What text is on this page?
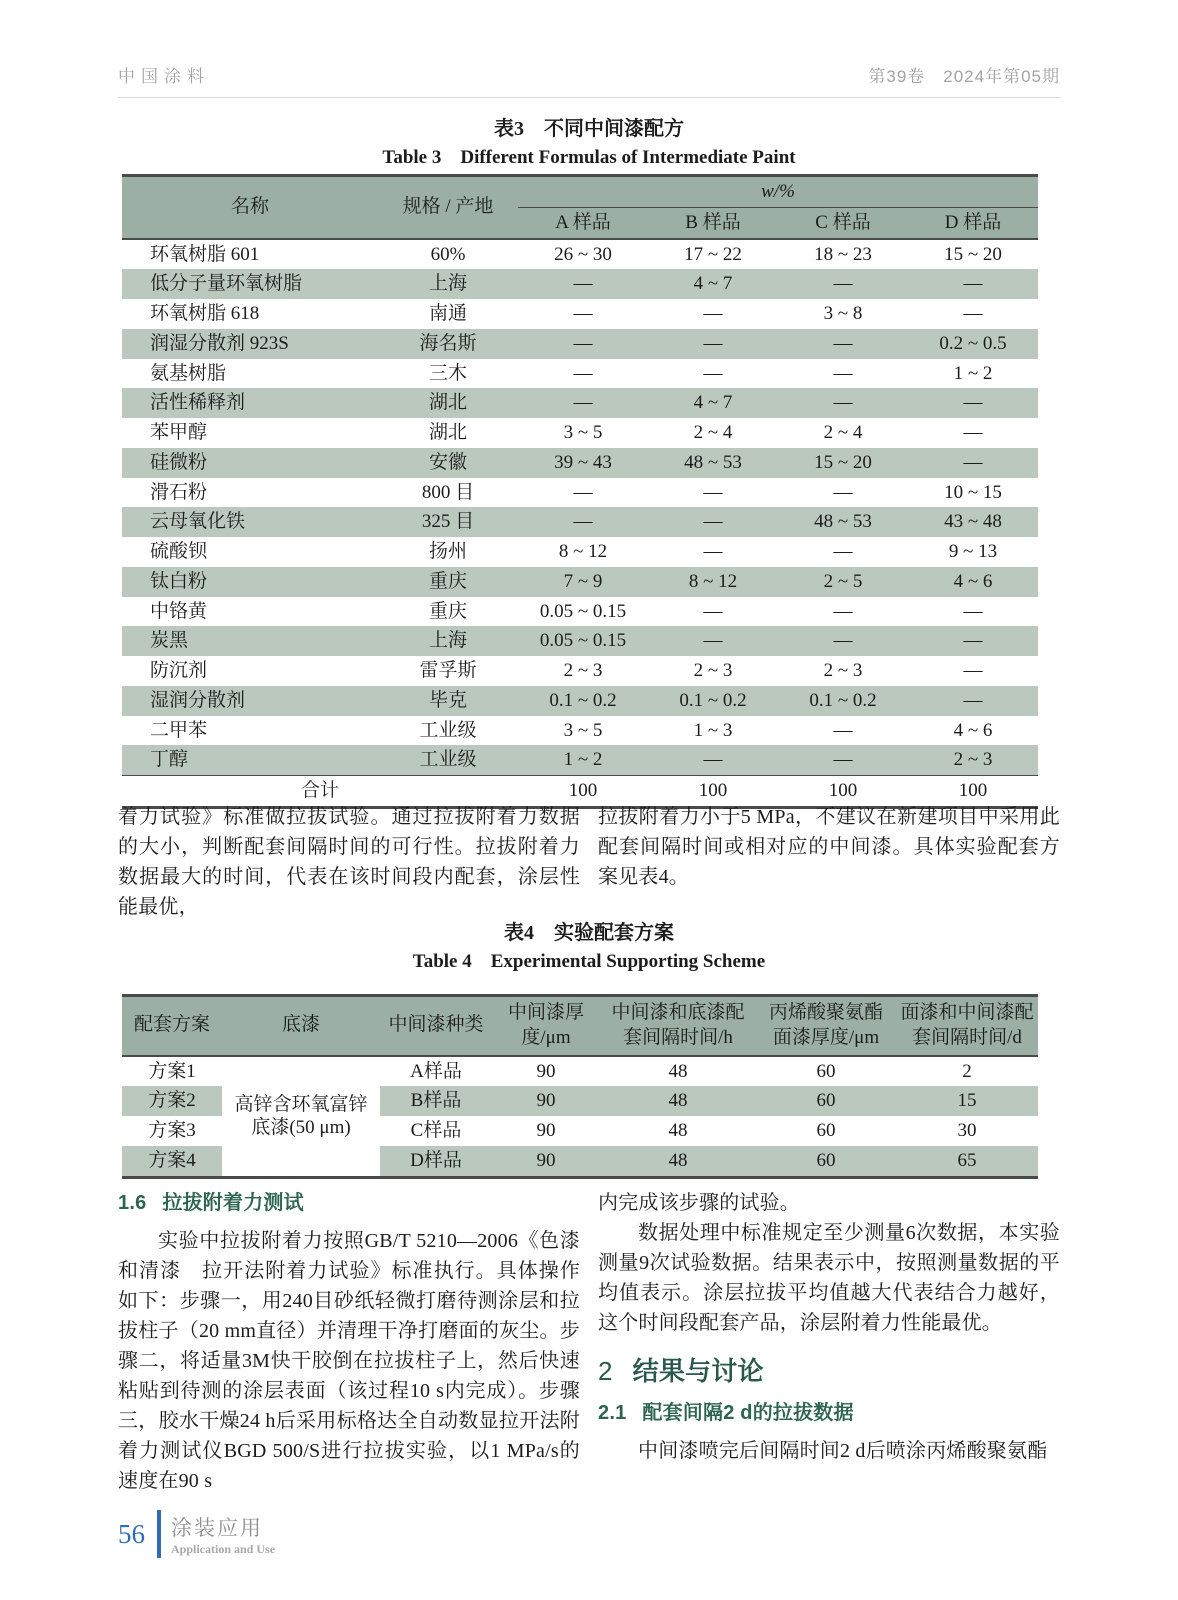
中国涂料	第39卷　2024年第05期
表3　不同中间漆配方
Table 3　Different Formulas of Intermediate Paint
名称	规格 / 产地	w/%			
		A 样品	B 样品	C 样品	D 样品
环氧树脂 601	60%	26 ~ 30	17 ~ 22	18 ~ 23	15 ~ 20
低分子量环氧树脂	上海	—	4 ~ 7	—	—
环氧树脂 618	南通	—	—	3 ~ 8	—
润湿分散剂 923S	海名斯	—	—	—	0.2 ~ 0.5
氨基树脂	三木	—	—	—	1 ~ 2
活性稀释剂	湖北	—	4 ~ 7	—	—
苯甲醇	湖北	3 ~ 5	2 ~ 4	2 ~ 4	—
硅微粉	安徽	39 ~ 43	48 ~ 53	15 ~ 20	—
滑石粉	800 目	—	—	—	10 ~ 15
云母氧化铁	325 目	—	—	48 ~ 53	43 ~ 48
硫酸钡	扬州	8 ~ 12	—	—	9 ~ 13
钛白粉	重庆	7 ~ 9	8 ~ 12	2 ~ 5	4 ~ 6
中铬黄	重庆	0.05 ~ 0.15	—	—	—
炭黑	上海	0.05 ~ 0.15	—	—	—
防沉剂	雷孚斯	2 ~ 3	2 ~ 3	2 ~ 3	—
湿润分散剂	毕克	0.1 ~ 0.2	0.1 ~ 0.2	0.1 ~ 0.2	—
二甲苯	工业级	3 ~ 5	1 ~ 3	—	4 ~ 6
丁醇	工业级	1 ~ 2	—	—	2 ~ 3
合计		100	100	100	100

着力试验》标准做拉拔试验。通过拉拔附着力数据的大小，判断配套间隔时间的可行性。拉拔附着力数据最大的时间，代表在该时间段内配套，涂层性能最优，

拉拔附着力小于5 MPa，不建议在新建项目中采用此配套间隔时间或相对应的中间漆。具体实验配套方案见表4。

表4　实验配套方案
Table 4　Experimental Supporting Scheme
配套方案	底漆	中间漆种类	中间漆厚度/μm	中间漆和底漆配套间隔时间/h	丙烯酸聚氨酯面漆厚度/μm	面漆和中间漆配套间隔时间/d
方案1	高锌含环氧富锌底漆(50 μm)	A样品	90	48	60	2
方案2		B样品	90	48	60	15
方案3		C样品	90	48	60	30
方案4		D样品	90	48	60	65
1.6 拉拔附着力测试

实验中拉拔附着力按照GB/T 5210—2006《色漆和清漆　拉开法附着力试验》标准执行。具体操作如下：步骤一，用240目砂纸轻微打磨待测涂层和拉拔柱子（20 mm直径）并清理干净打磨面的灰尘。步骤二，将适量3M快干胶倒在拉拔柱子上，然后快速粘贴到待测的涂层表面（该过程10 s内完成）。步骤三，胶水干燥24 h后采用标格达全自动数显拉开法附着力测试仪BGD 500/S进行拉拔实验，以1 MPa/s的速度在90 s

内完成该步骤的试验。

数据处理中标准规定至少测量6次数据，本实验测量9次试验数据。结果表示中，按照测量数据的平均值表示。涂层拉拔平均值越大代表结合力越好，这个时间段配套产品，涂层附着力性能最优。

2 结果与讨论
2.1 配套间隔2 d的拉拔数据

中间漆喷完后间隔时间2 d后喷涂丙烯酸聚氨酯

56 涂装应用
Application and Use
